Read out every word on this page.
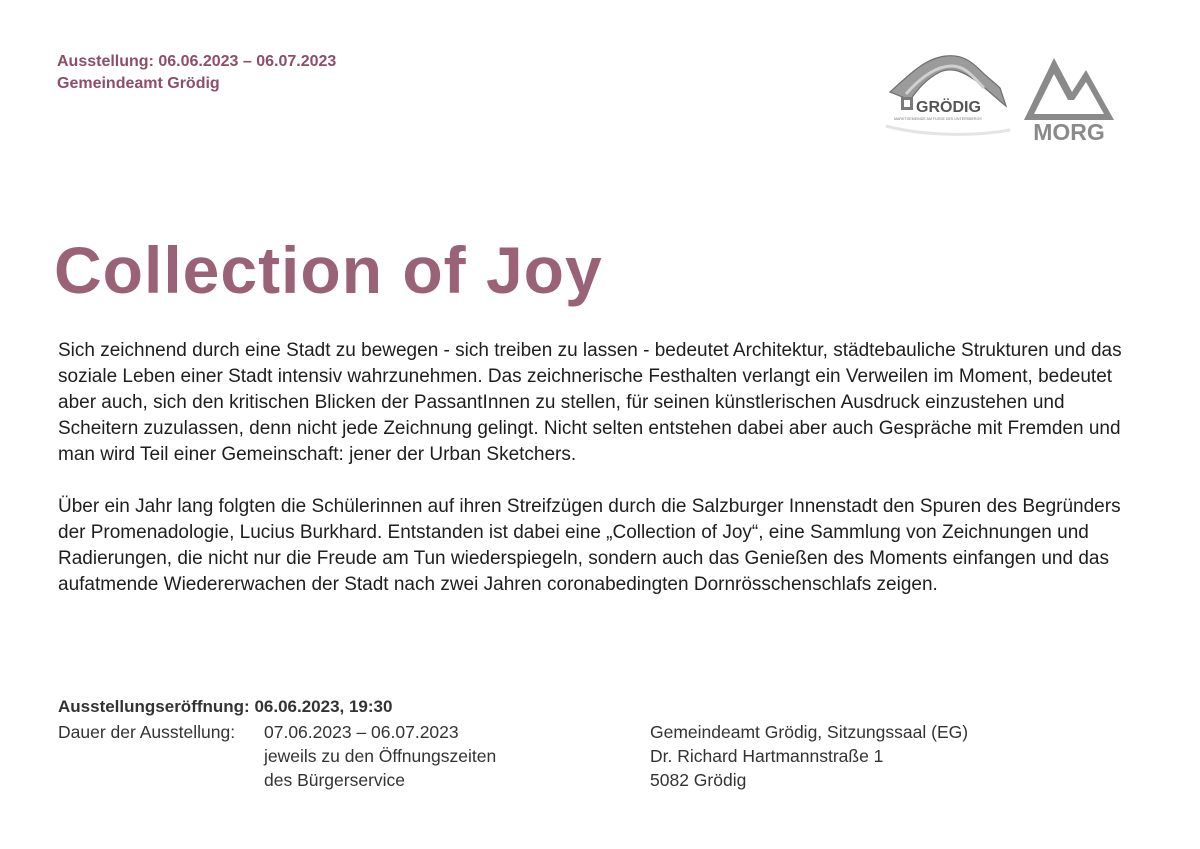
Ausstellung: 06.06.2023 – 06.07.2023
Gemeindeamt Grödig
GRÖDIG
MARKTGEMEINDE AM FUSSE DES UNTERSBERGS	GRÖDIG
MORG
Collection of Joy

Sich zeichnend durch eine Stadt zu bewegen - sich treiben zu lassen - bedeutet Architektur, städtebauliche Strukturen und das soziale Leben einer Stadt intensiv wahrzunehmen. Das zeichnerische Festhalten verlangt ein Verweilen im Moment, bedeutet aber auch, sich den kritischen Blicken der PassantInnen zu stellen, für seinen künstlerischen Ausdruck einzustehen und Scheitern zuzulassen, denn nicht jede Zeichnung gelingt. Nicht selten entstehen dabei aber auch Gespräche mit Fremden und man wird Teil einer Gemeinschaft: jener der Urban Sketchers.

Über ein Jahr lang folgten die Schülerinnen auf ihren Streifzügen durch die Salzburger Innenstadt den Spuren des Begründers der Promenadologie, Lucius Burkhard. Entstanden ist dabei eine „Collection of Joy“, eine Sammlung von Zeichnungen und Radierungen, die nicht nur die Freude am Tun wiederspiegeln, sondern auch das Genießen des Moments einfangen und das aufatmende Wiedererwachen der Stadt nach zwei Jahren coronabedingten Dornrösschenschlafs zeigen.

Ausstellungseröffnung: 06.06.2023, 19:30
Dauer der Ausstellung: 07.06.2023 – 06.07.2023
jeweils zu den Öffnungszeiten
des Bürgerservice
Gemeindeamt Grödig, Sitzungssaal (EG)
Dr. Richard Hartmannstraße 1
5082 Grödig
